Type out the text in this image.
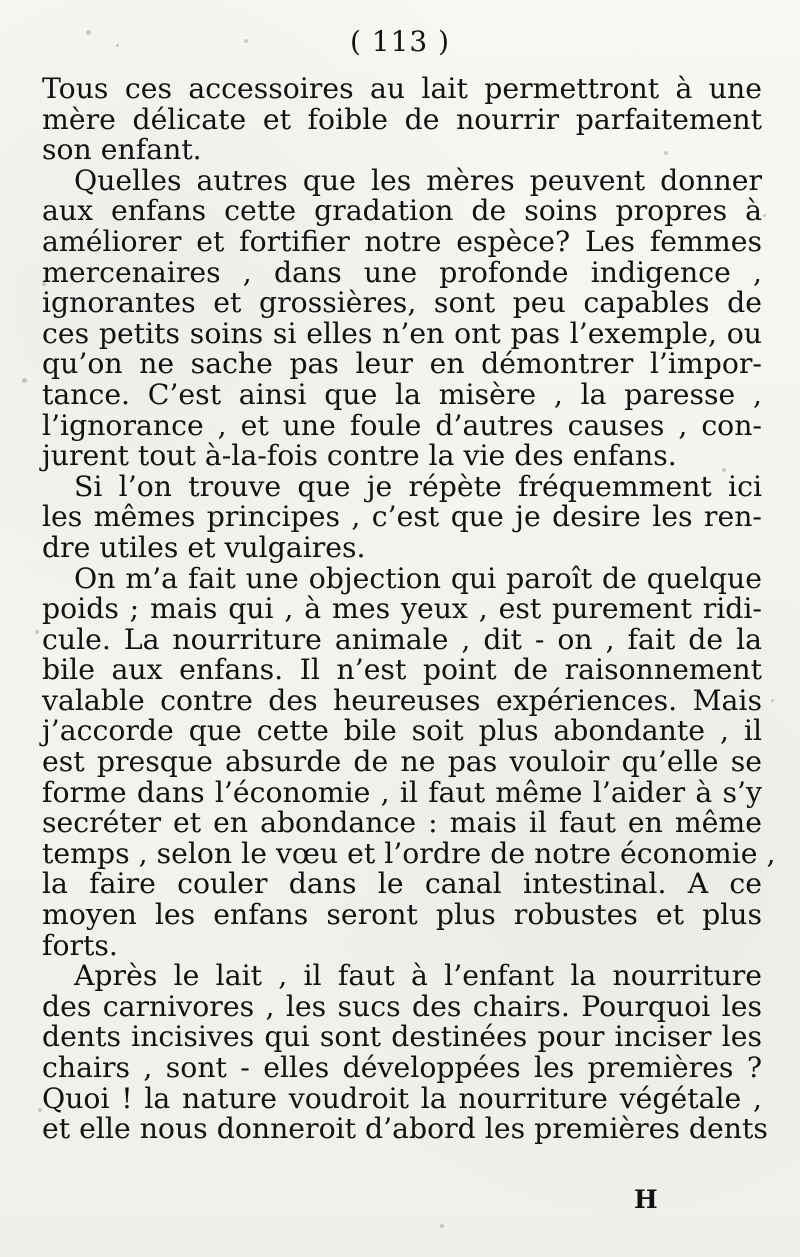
( 113 )
Tous ces accessoires au lait permettront à une
mère délicate et foible de nourrir parfaitement
son enfant.
Quelles autres que les mères peuvent donner
aux enfans cette gradation de soins propres à
améliorer et fortifier notre espèce? Les femmes
mercenaires , dans une profonde indigence ,
ignorantes et grossières, sont peu capables de
ces petits soins si elles n’en ont pas l’exemple, ou
qu’on ne sache pas leur en démontrer l’impor-
tance. C’est ainsi que la misère , la paresse ,
l’ignorance , et une foule d’autres causes , con-
jurent tout à-la-fois contre la vie des enfans.
Si l’on trouve que je répète fréquemment ici
les mêmes principes , c’est que je desire les ren-
dre utiles et vulgaires.
On m’a fait une objection qui paroît de quelque
poids ; mais qui , à mes yeux , est purement ridi-
cule. La nourriture animale , dit - on , fait de la
bile aux enfans. Il n’est point de raisonnement
valable contre des heureuses expériences. Mais
j’accorde que cette bile soit plus abondante , il
est presque absurde de ne pas vouloir qu’elle se
forme dans l’économie , il faut même l’aider à s’y
secréter et en abondance : mais il faut en même
temps , selon le vœu et l’ordre de notre économie ,
la faire couler dans le canal intestinal. A ce
moyen les enfans seront plus robustes et plus
forts.
Après le lait , il faut à l’enfant la nourriture
des carnivores , les sucs des chairs. Pourquoi les
dents incisives qui sont destinées pour inciser les
chairs , sont - elles développées les premières ?
Quoi ! la nature voudroit la nourriture végétale ,
et elle nous donneroit d’abord les premières dents
H
